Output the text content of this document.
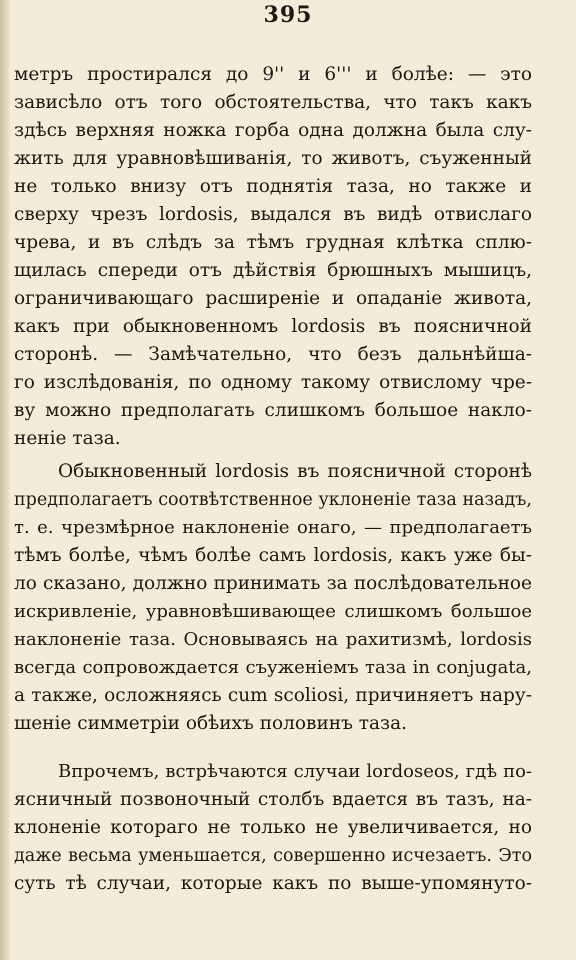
395
метръ простирался до 9'' и 6''' и болѣе: — это
зависѣло отъ того обстоятельства, что такъ какъ
здѣсь верхняя ножка горба одна должна была слу-
жить для уравновѣшиванія, то животъ, съуженный
не только внизу отъ поднятія таза, но также и
сверху чрезъ lordosis, выдался въ видѣ отвислаго
чрева, и въ слѣдъ за тѣмъ грудная клѣтка сплю-
щилась спереди отъ дѣйствія брюшныхъ мышицъ,
ограничивающаго расширеніе и опаданіе живота,
какъ при обыкновенномъ lordosis въ поясничной
сторонѣ. — Замѣчательно, что безъ дальнѣйша-
го изслѣдованія, по одному такому отвислому чре-
ву можно предполагать слишкомъ большое накло-
неніе таза.
Обыкновенный lordosis въ поясничной сторонѣ
предполагаетъ соотвѣтственное уклоненіе таза назадъ,
т. е. чрезмѣрное наклоненіе онаго, — предполагаетъ
тѣмъ болѣе, чѣмъ болѣе самъ lordosis, какъ уже бы-
ло сказано, должно принимать за послѣдовательное
искривленіе, уравновѣшивающее слишкомъ большое
наклоненіе таза. Основываясь на рахитизмѣ, lordosis
всегда сопровождается съуженіемъ таза in conjugata,
а также, осложняясь cum scoliosi, причиняетъ нару-
шеніе симметріи обѣихъ половинъ таза.
Впрочемъ, встрѣчаются случаи lordoseos, гдѣ по-
ясничный позвоночный столбъ вдается въ тазъ, на-
клоненіе котораго не только не увеличивается, но
даже весьма уменьшается, совершенно исчезаетъ. Это
суть тѣ случаи, которые какъ по выше-упомянуто-
